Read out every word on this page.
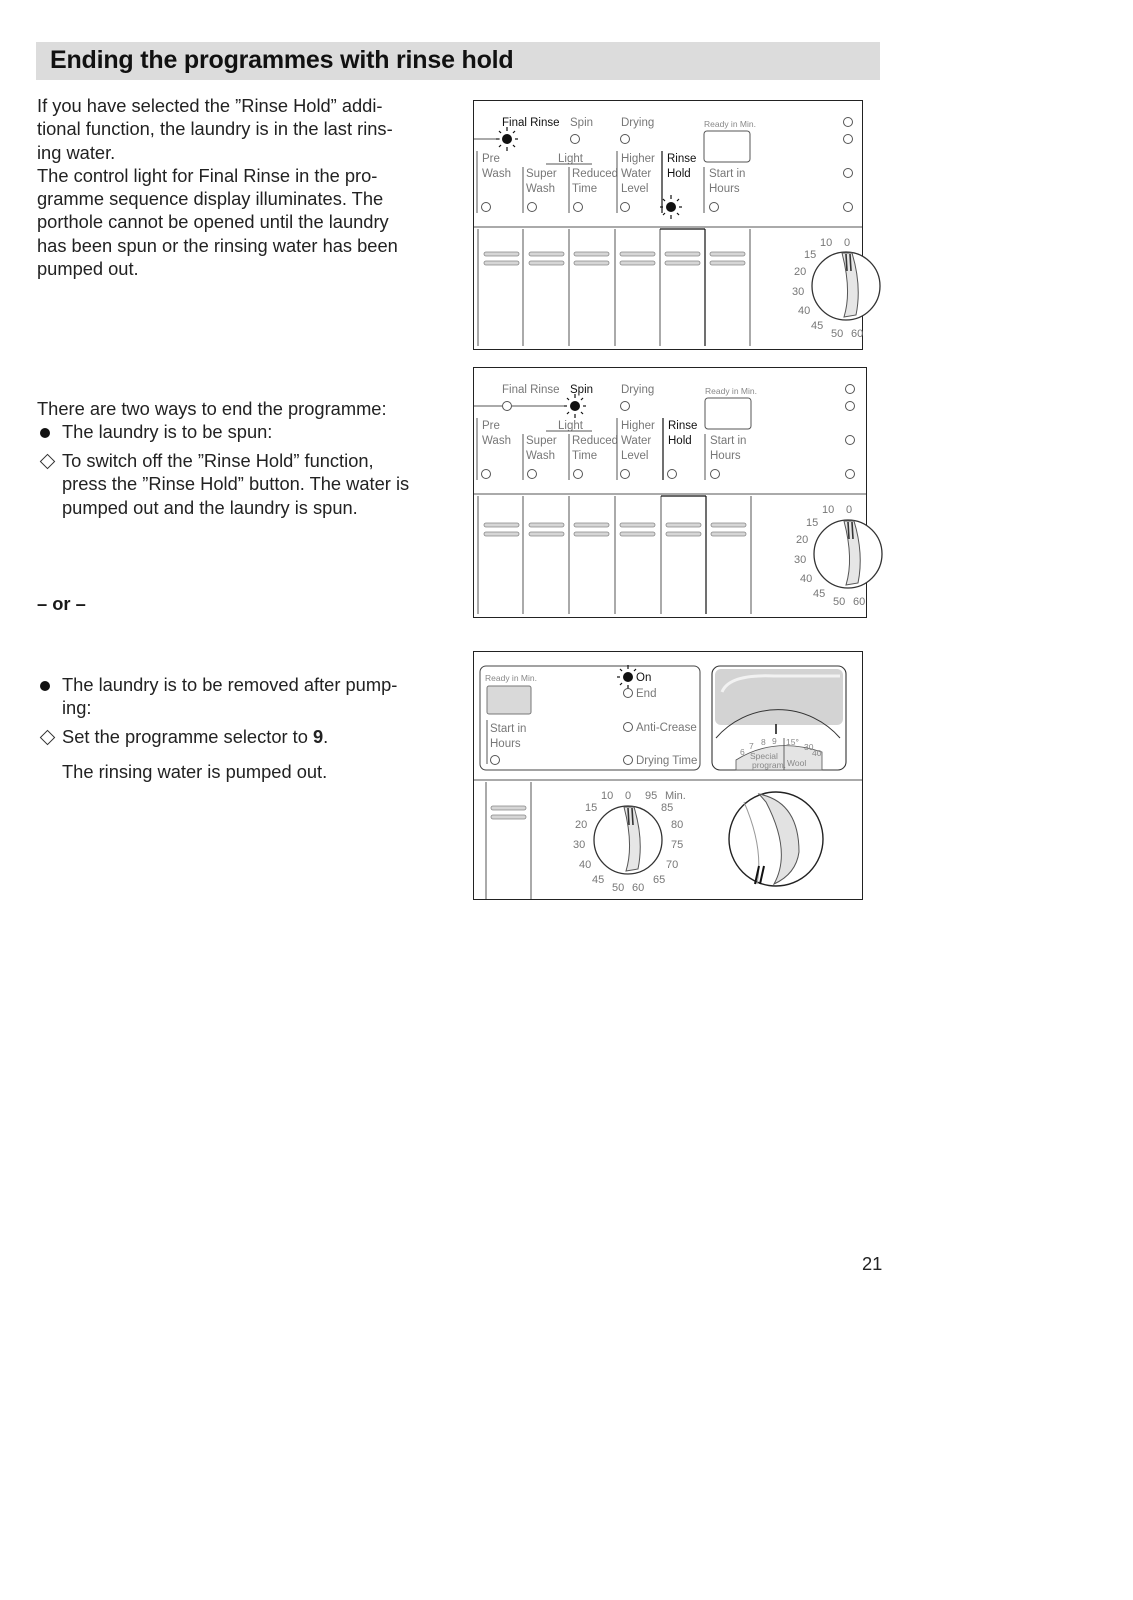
Ending the programmes with rinse hold
If you have selected the ”Rinse Hold” addi-
tional function, the laundry is in the last rins-
ing water.
The control light for Final Rinse in the pro-
gramme sequence display illuminates. The
porthole cannot be opened until the laundry
has been spun or the rinsing water has been
pumped out.
There are two ways to end the programme:
The laundry is to be spun:
To switch off the ”Rinse Hold” function,
press the ”Rinse Hold” button. The water is
pumped out and the laundry is spun.
– or –
The laundry is to be removed after pump-
ing:
Set the programme selector to 9.
The rinsing water is pumped out.
Final Rinse Spin Drying	Ready in Min.
Pre
Wash
Light
Super
Wash
Reduced
Time
Higher
Water
Level
Rinse
Hold Start in
Hours
10 0
15
20
30
40
45
50 60
Final Rinse Spin Drying	Ready in Min.
Pre
Wash
Light
Super
Wash
Reduced
Time
Higher
Water
Level
Rinse
Hold Start in
Hours
10 0
15
20
30
40
45
50 60
Ready in Min.
Start in
Hours
On
End
Anti-Crease
Drying Time
6
7 8 9 15° 30
40
Special
program. Wool
10 0 95 Min.
15	85
20	80
30	75
40	70
45	65
50 60
21
